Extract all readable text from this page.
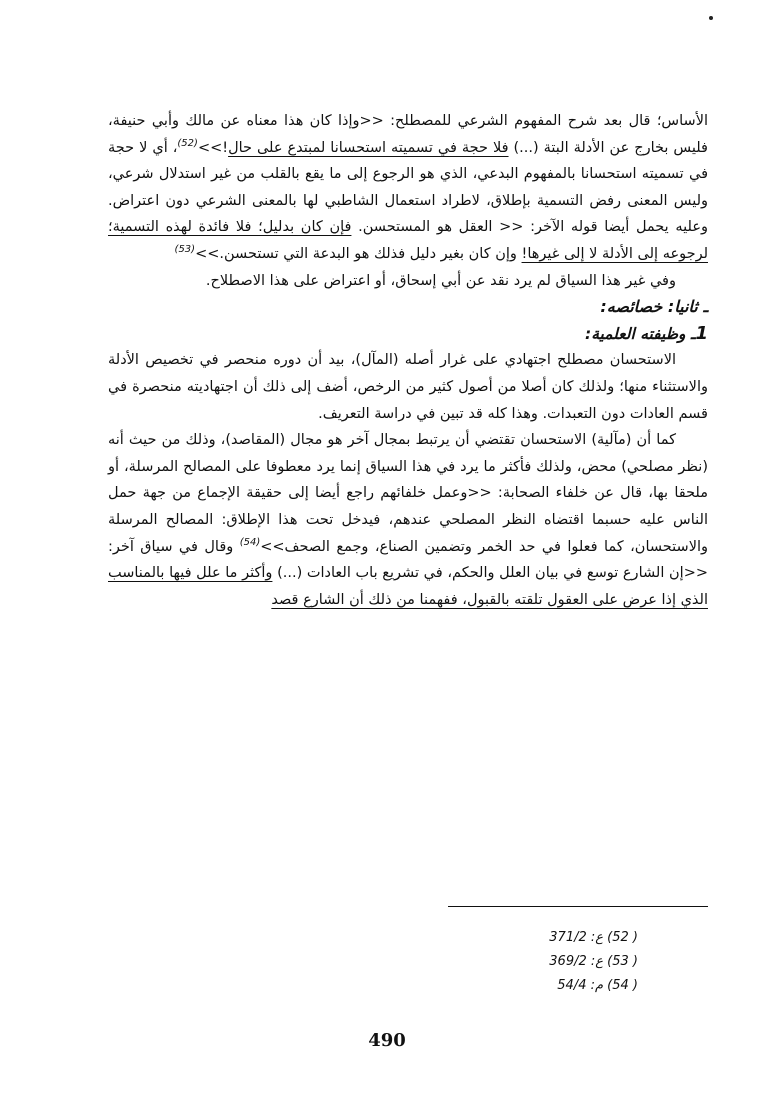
الأساس؛ قال بعد شرح المفهوم الشرعي للمصطلح: <<وإذا كان هذا معناه عن مالك وأبي حنيفة، فليس بخارج عن الأدلة البتة (...) فلا حجة في تسميته استحسانا لمبتدع على حال!>>$^{(52)}$، أي لا حجة في تسميته استحسانا بالمفهوم البدعي، الذي هو الرجوع إلى ما يقع بالقلب من غير استدلال شرعي، وليس المعنى رفض التسمية بإطلاق، لاطراد استعمال الشاطبي لها بالمعنى الشرعي دون اعتراض. وعليه يحمل أيضا قوله الآخر: << العقل هو المستحسن. فإن كان بدليل؛ فلا فائدة لهذه التسمية؛ لرجوعه إلى الأدلة لا إلى غيرها! وإن كان بغير دليل فذلك هو البدعة التي تستحسن.>>$^{(53)}$

وفي غير هذا السياق لم يرد نقد عن أبي إسحاق، أو اعتراض على هذا الاصطلاح.

ـ ثانيا: خصائصه:

1ـ وظيفته العلمية:

الاستحسان مصطلح اجتهادي على غرار أصله (المآل)، بيد أن دوره منحصر في تخصيص الأدلة والاستثناء منها؛ ولذلك كان أصلا من أصول كثير من الرخص، أضف إلى ذلك أن اجتهاديته منحصرة في قسم العادات دون التعبدات. وهذا كله قد تبين في دراسة التعريف.

كما أن (مآلية) الاستحسان تقتضي أن يرتبط بمجال آخر هو مجال (المقاصد)، وذلك من حيث أنه (نظر مصلحي) محض، ولذلك فأكثر ما يرد في هذا السياق إنما يرد معطوفا على المصالح المرسلة، أو ملحقا بها، قال عن خلفاء الصحابة: <<وعمل خلفائهم راجع أيضا إلى حقيقة الإجماع من جهة حمل الناس عليه حسبما اقتضاه النظر المصلحي عندهم، فيدخل تحت هذا الإطلاق: المصالح المرسلة والاستحسان، كما فعلوا في حد الخمر وتضمين الصناع، وجمع الصحف>>$^{(54)}$ وقال في سياق آخر: <<إن الشارع توسع في بيان العلل والحكم، في تشريع باب العادات (...) وأكثر ما علل فيها بالمناسب الذي إذا عرض على العقول تلقته بالقبول، ففهمنا من ذلك أن الشارع قصد

( 52) ع: 371/2
( 53) ع: 369/2
( 54) م: 54/4
490
